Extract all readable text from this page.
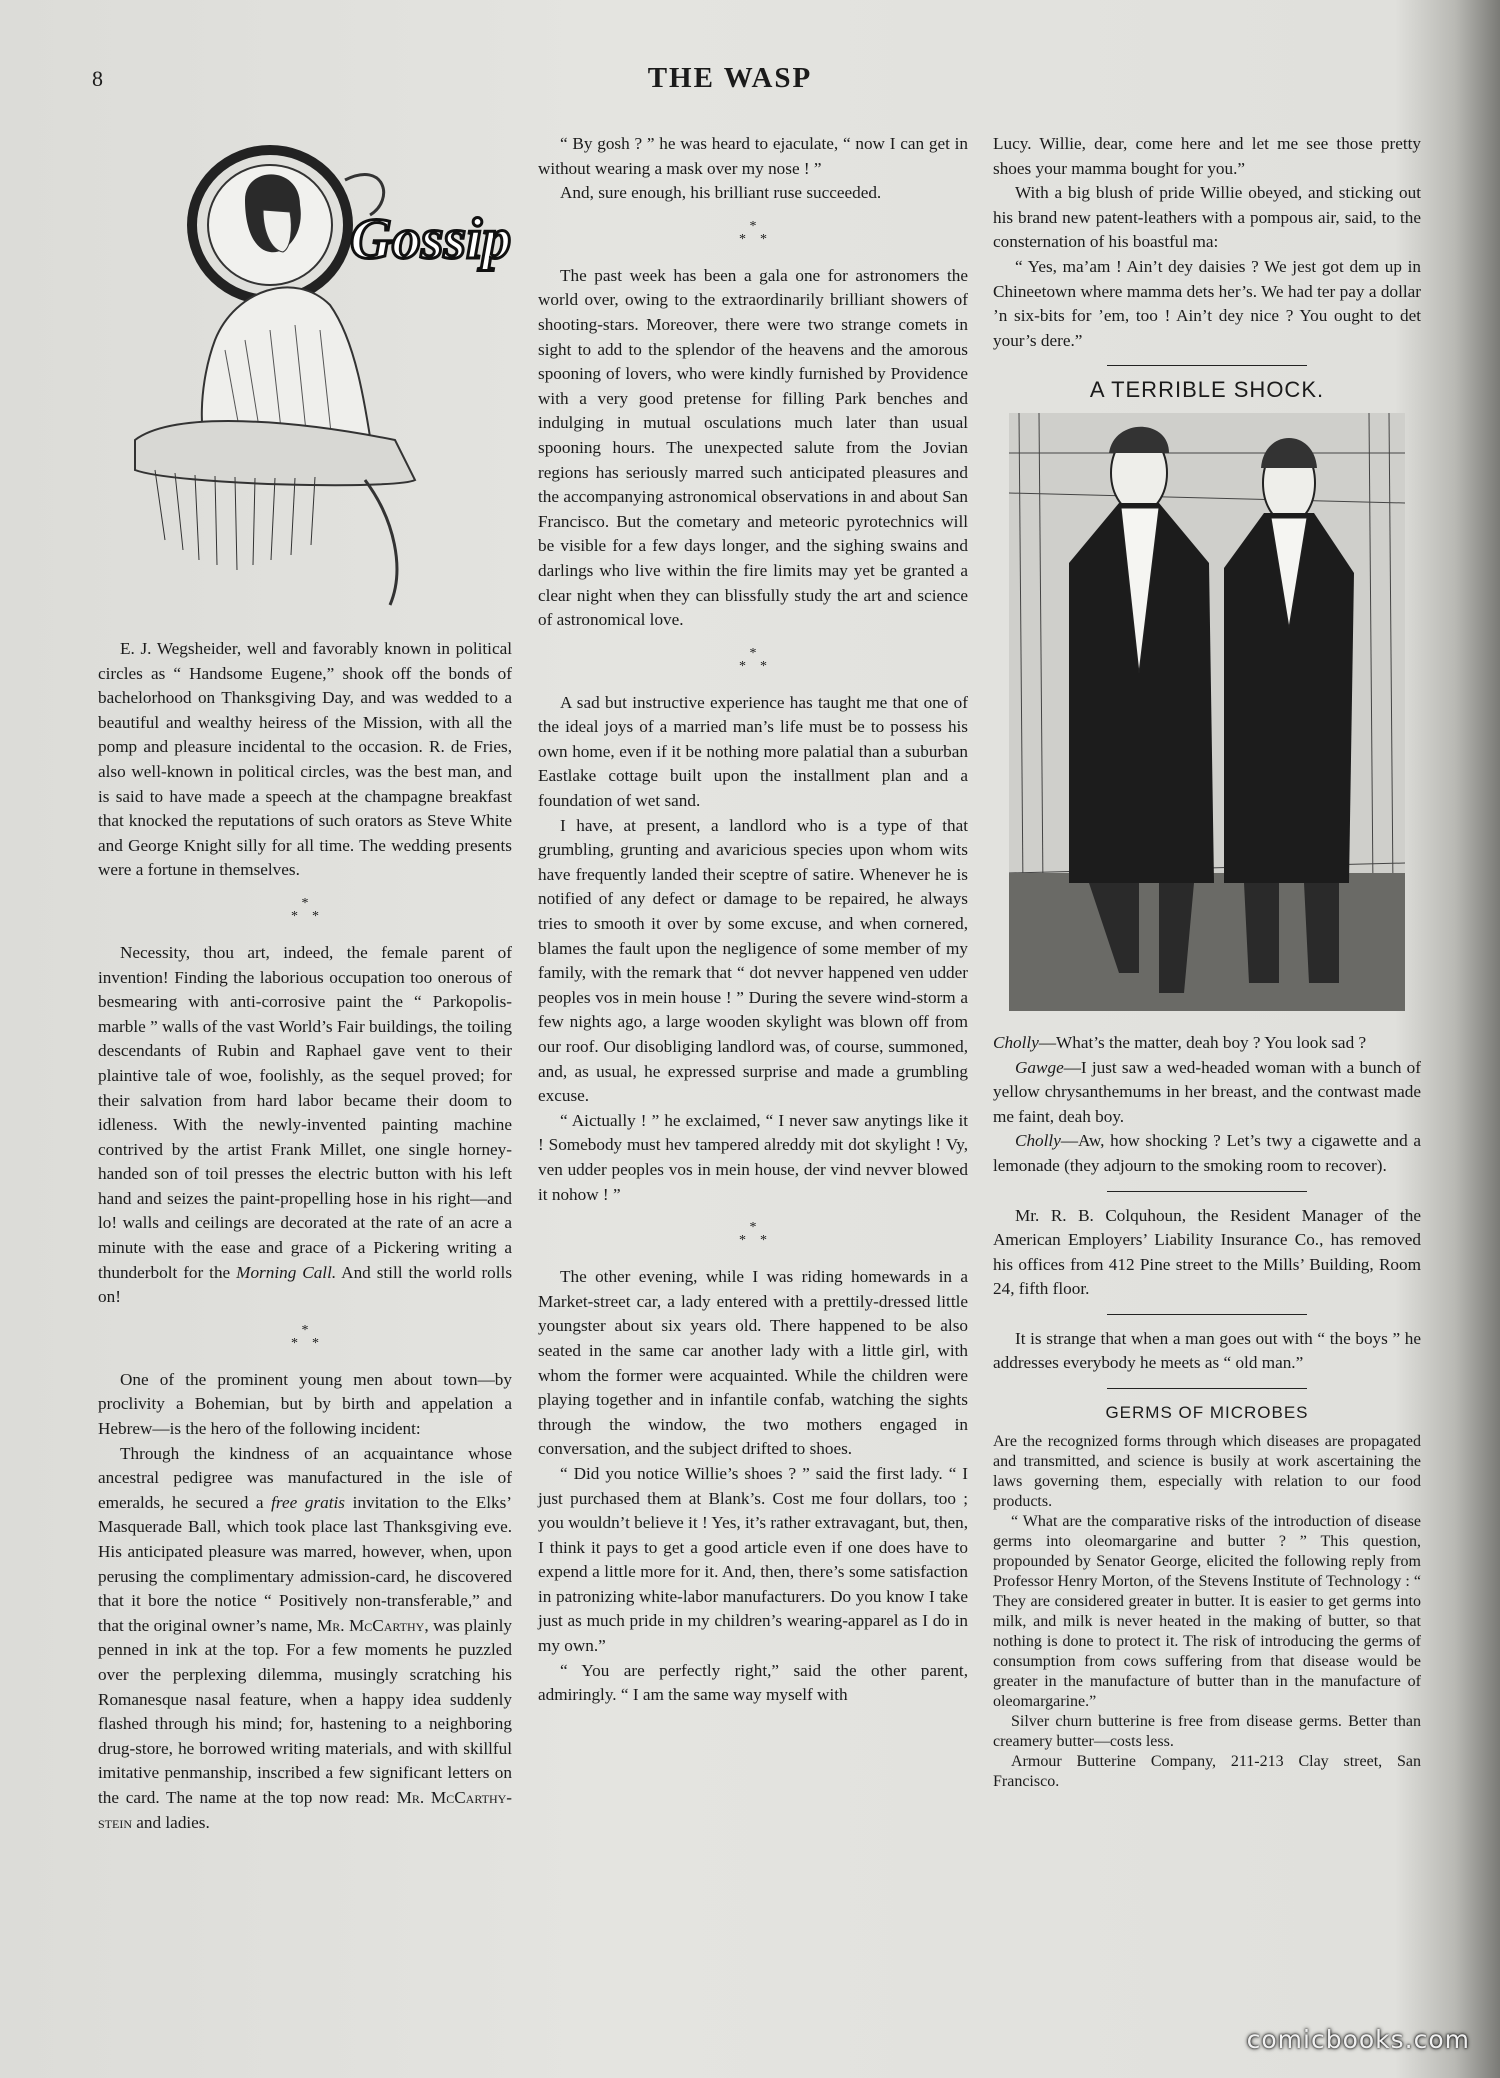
8	THE WASP
Gossip

E. J. Wegsheider, well and favorably known in political circles as “ Handsome Eugene,” shook off the bonds of bachelorhood on Thanksgiving Day, and was wedded to a beautiful and wealthy heiress of the Mission, with all the pomp and pleasure incidental to the occasion. R. de Fries, also well-known in political circles, was the best man, and is said to have made a speech at the champagne breakfast that knocked the reputations of such orators as Steve White and George Knight silly for all time. The wedding presents were a fortune in themselves.

*
*    *

Necessity, thou art, indeed, the female parent of invention! Finding the laborious occupation too onerous of besmearing with anti-corrosive paint the “ Parkopolis-marble ” walls of the vast World’s Fair buildings, the toiling descendants of Rubin and Raphael gave vent to their plaintive tale of woe, foolishly, as the sequel proved; for their salvation from hard labor became their doom to idleness. With the newly-invented painting machine contrived by the artist Frank Millet, one single horney-handed son of toil presses the electric button with his left hand and seizes the paint-propelling hose in his right—and lo! walls and ceilings are decorated at the rate of an acre a minute with the ease and grace of a Pickering writing a thunderbolt for the Morning Call. And still the world rolls on!

*
*    *

One of the prominent young men about town—by proclivity a Bohemian, but by birth and appelation a Hebrew—is the hero of the following incident:

Through the kindness of an acquaintance whose ancestral pedigree was manufactured in the isle of emeralds, he secured a free gratis invitation to the Elks’ Masquerade Ball, which took place last Thanksgiving eve. His anticipated pleasure was marred, however, when, upon perusing the complimentary admission-card, he discovered that it bore the notice “ Positively non-transferable,” and that the original owner’s name, Mr. McCarthy, was plainly penned in ink at the top. For a few moments he puzzled over the perplexing dilemma, musingly scratching his Romanesque nasal feature, when a happy idea suddenly flashed through his mind; for, hastening to a neighboring drug-store, he borrowed writing materials, and with skillful imitative penmanship, inscribed a few significant letters on the card. The name at the top now read: Mr. McCarthy-stein and ladies.

“ By gosh ? ” he was heard to ejaculate, “ now I can get in without wearing a mask over my nose ! ”

And, sure enough, his brilliant ruse succeeded.

*
*    *

The past week has been a gala one for astronomers the world over, owing to the extraordinarily brilliant showers of shooting-stars. Moreover, there were two strange comets in sight to add to the splendor of the heavens and the amorous spooning of lovers, who were kindly furnished by Providence with a very good pretense for filling Park benches and indulging in mutual osculations much later than usual spooning hours. The unexpected salute from the Jovian regions has seriously marred such anticipated pleasures and the accompanying astronomical observations in and about San Francisco. But the cometary and meteoric pyrotechnics will be visible for a few days longer, and the sighing swains and darlings who live within the fire limits may yet be granted a clear night when they can blissfully study the art and science of astronomical love.

*
*    *

A sad but instructive experience has taught me that one of the ideal joys of a married man’s life must be to possess his own home, even if it be nothing more palatial than a suburban Eastlake cottage built upon the installment plan and a foundation of wet sand.

I have, at present, a landlord who is a type of that grumbling, grunting and avaricious species upon whom wits have frequently landed their sceptre of satire. Whenever he is notified of any defect or damage to be repaired, he always tries to smooth it over by some excuse, and when cornered, blames the fault upon the negligence of some member of my family, with the remark that “ dot nevver happened ven udder peoples vos in mein house ! ” During the severe wind-storm a few nights ago, a large wooden skylight was blown off from our roof. Our disobliging landlord was, of course, summoned, and, as usual, he expressed surprise and made a grumbling excuse.

“ Aictually ! ” he exclaimed, “ I never saw anytings like it ! Somebody must hev tampered alreddy mit dot skylight ! Vy, ven udder peoples vos in mein house, der vind nevver blowed it nohow ! ”

*
*    *

The other evening, while I was riding homewards in a Market-street car, a lady entered with a prettily-dressed little youngster about six years old. There happened to be also seated in the same car another lady with a little girl, with whom the former were acquainted. While the children were playing together and in infantile confab, watching the sights through the window, the two mothers engaged in conversation, and the subject drifted to shoes.

“ Did you notice Willie’s shoes ? ” said the first lady. “ I just purchased them at Blank’s. Cost me four dollars, too ; you wouldn’t believe it ! Yes, it’s rather extravagant, but, then, I think it pays to get a good article even if one does have to expend a little more for it. And, then, there’s some satisfaction in patronizing white-labor manufacturers. Do you know I take just as much pride in my children’s wearing-apparel as I do in my own.”

“ You are perfectly right,” said the other parent, admiringly. “ I am the same way myself with

Lucy. Willie, dear, come here and let me see those pretty shoes your mamma bought for you.”

With a big blush of pride Willie obeyed, and sticking out his brand new patent-leathers with a pompous air, said, to the consternation of his boastful ma:

“ Yes, ma’am ! Ain’t dey daisies ? We jest got dem up in Chineetown where mamma dets her’s. We had ter pay a dollar ’n six-bits for ’em, too ! Ain’t dey nice ? You ought to det your’s dere.”

A TERRIBLE SHOCK.

Cholly—What’s the matter, deah boy ? You look sad ?

Gawge—I just saw a wed-headed woman with a bunch of yellow chrysanthemums in her breast, and the contwast made me faint, deah boy.

Cholly—Aw, how shocking ? Let’s twy a cigawette and a lemonade (they adjourn to the smoking room to recover).

Mr. R. B. Colquhoun, the Resident Manager of the American Employers’ Liability Insurance Co., has removed his offices from 412 Pine street to the Mills’ Building, Room 24, fifth floor.

It is strange that when a man goes out with “ the boys ” he addresses everybody he meets as “ old man.”

GERMS OF MICROBES

Are the recognized forms through which diseases are propagated and transmitted, and science is busily at work ascertaining the laws governing them, especially with relation to our food products.

“ What are the comparative risks of the introduction of disease germs into oleomargarine and butter ? ” This question, propounded by Senator George, elicited the following reply from Professor Henry Morton, of the Stevens Institute of Technology : “ They are considered greater in butter. It is easier to get germs into milk, and milk is never heated in the making of butter, so that nothing is done to protect it. The risk of introducing the germs of consumption from cows suffering from that disease would be greater in the manufacture of butter than in the manufacture of oleomargarine.”

Silver churn butterine is free from disease germs. Better than creamery butter—costs less.

Armour Butterine Company, 211-213 Clay street, San Francisco.

comicbooks.com
